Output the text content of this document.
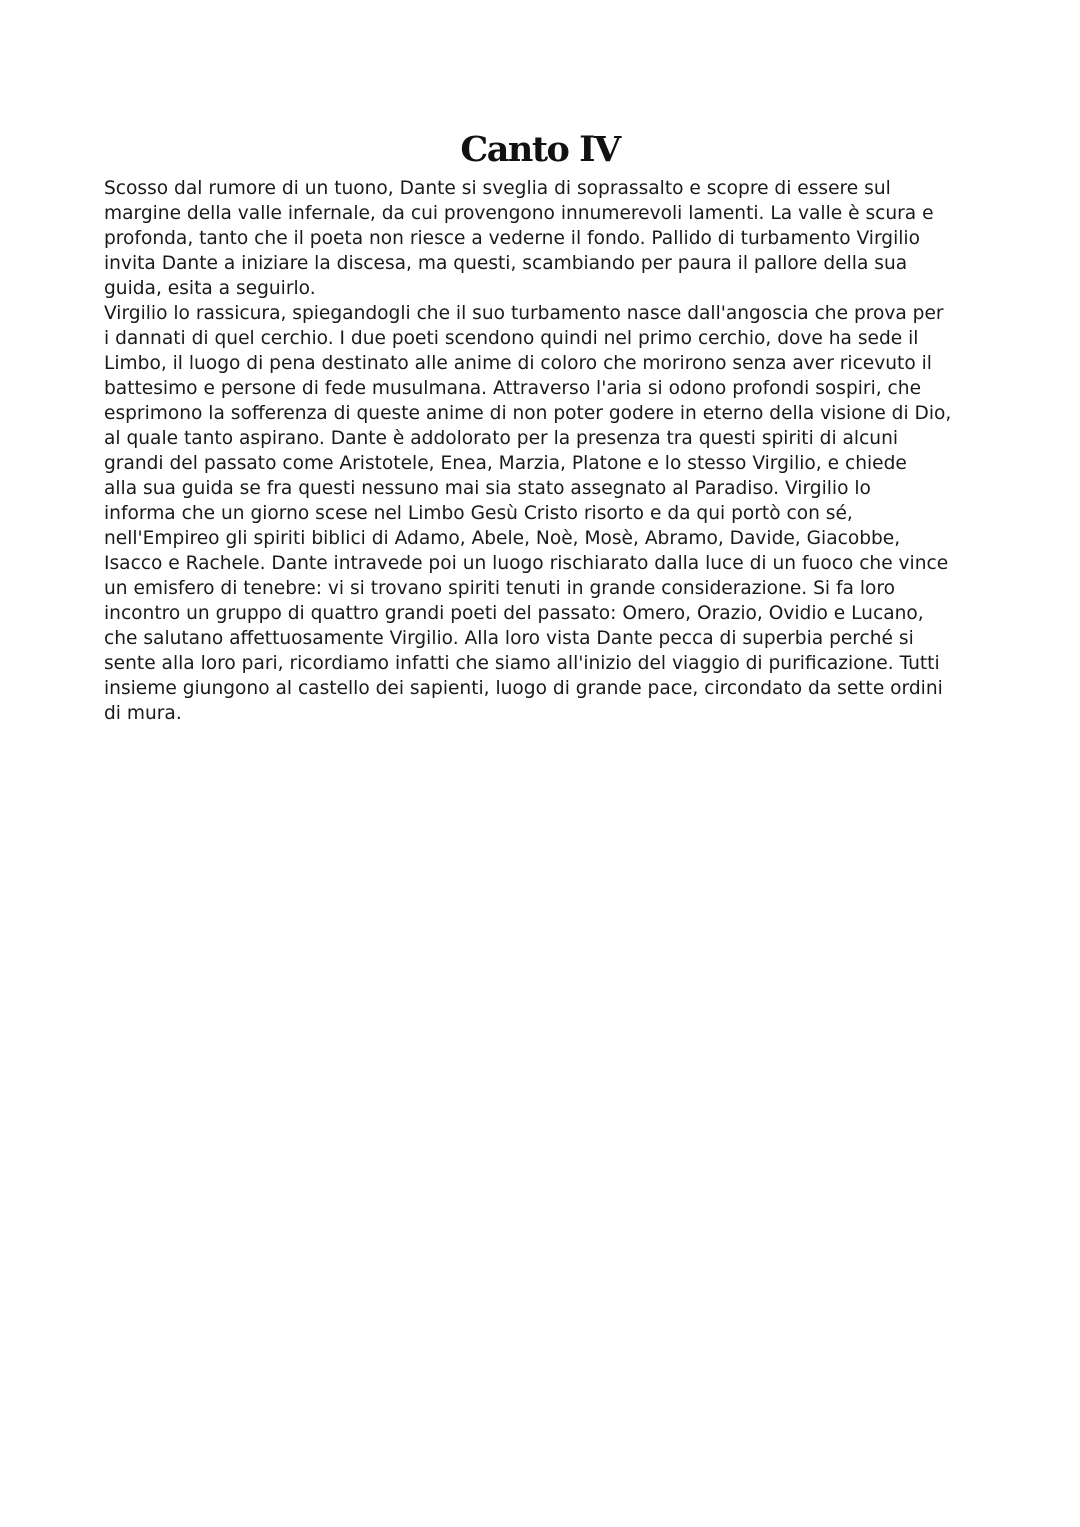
Canto IV
Scosso dal rumore di un tuono, Dante si sveglia di soprassalto e scopre di essere sul
margine della valle infernale, da cui provengono innumerevoli lamenti. La valle è scura e
profonda, tanto che il poeta non riesce a vederne il fondo. Pallido di turbamento Virgilio
invita Dante a iniziare la discesa, ma questi, scambiando per paura il pallore della sua
guida, esita a seguirlo.
Virgilio lo rassicura, spiegandogli che il suo turbamento nasce dall'angoscia che prova per
i dannati di quel cerchio. I due poeti scendono quindi nel primo cerchio, dove ha sede il
Limbo, il luogo di pena destinato alle anime di coloro che morirono senza aver ricevuto il
battesimo e persone di fede musulmana. Attraverso l'aria si odono profondi sospiri, che
esprimono la sofferenza di queste anime di non poter godere in eterno della visione di Dio,
al quale tanto aspirano. Dante è addolorato per la presenza tra questi spiriti di alcuni
grandi del passato come Aristotele, Enea, Marzia, Platone e lo stesso Virgilio, e chiede
alla sua guida se fra questi nessuno mai sia stato assegnato al Paradiso. Virgilio lo
informa che un giorno scese nel Limbo Gesù Cristo risorto e da qui portò con sé,
nell'Empireo gli spiriti biblici di Adamo, Abele, Noè, Mosè, Abramo, Davide, Giacobbe,
Isacco e Rachele. Dante intravede poi un luogo rischiarato dalla luce di un fuoco che vince
un emisfero di tenebre: vi si trovano spiriti tenuti in grande considerazione. Si fa loro
incontro un gruppo di quattro grandi poeti del passato: Omero, Orazio, Ovidio e Lucano,
che salutano affettuosamente Virgilio. Alla loro vista Dante pecca di superbia perché si
sente alla loro pari, ricordiamo infatti che siamo all'inizio del viaggio di purificazione. Tutti
insieme giungono al castello dei sapienti, luogo di grande pace, circondato da sette ordini
di mura.
